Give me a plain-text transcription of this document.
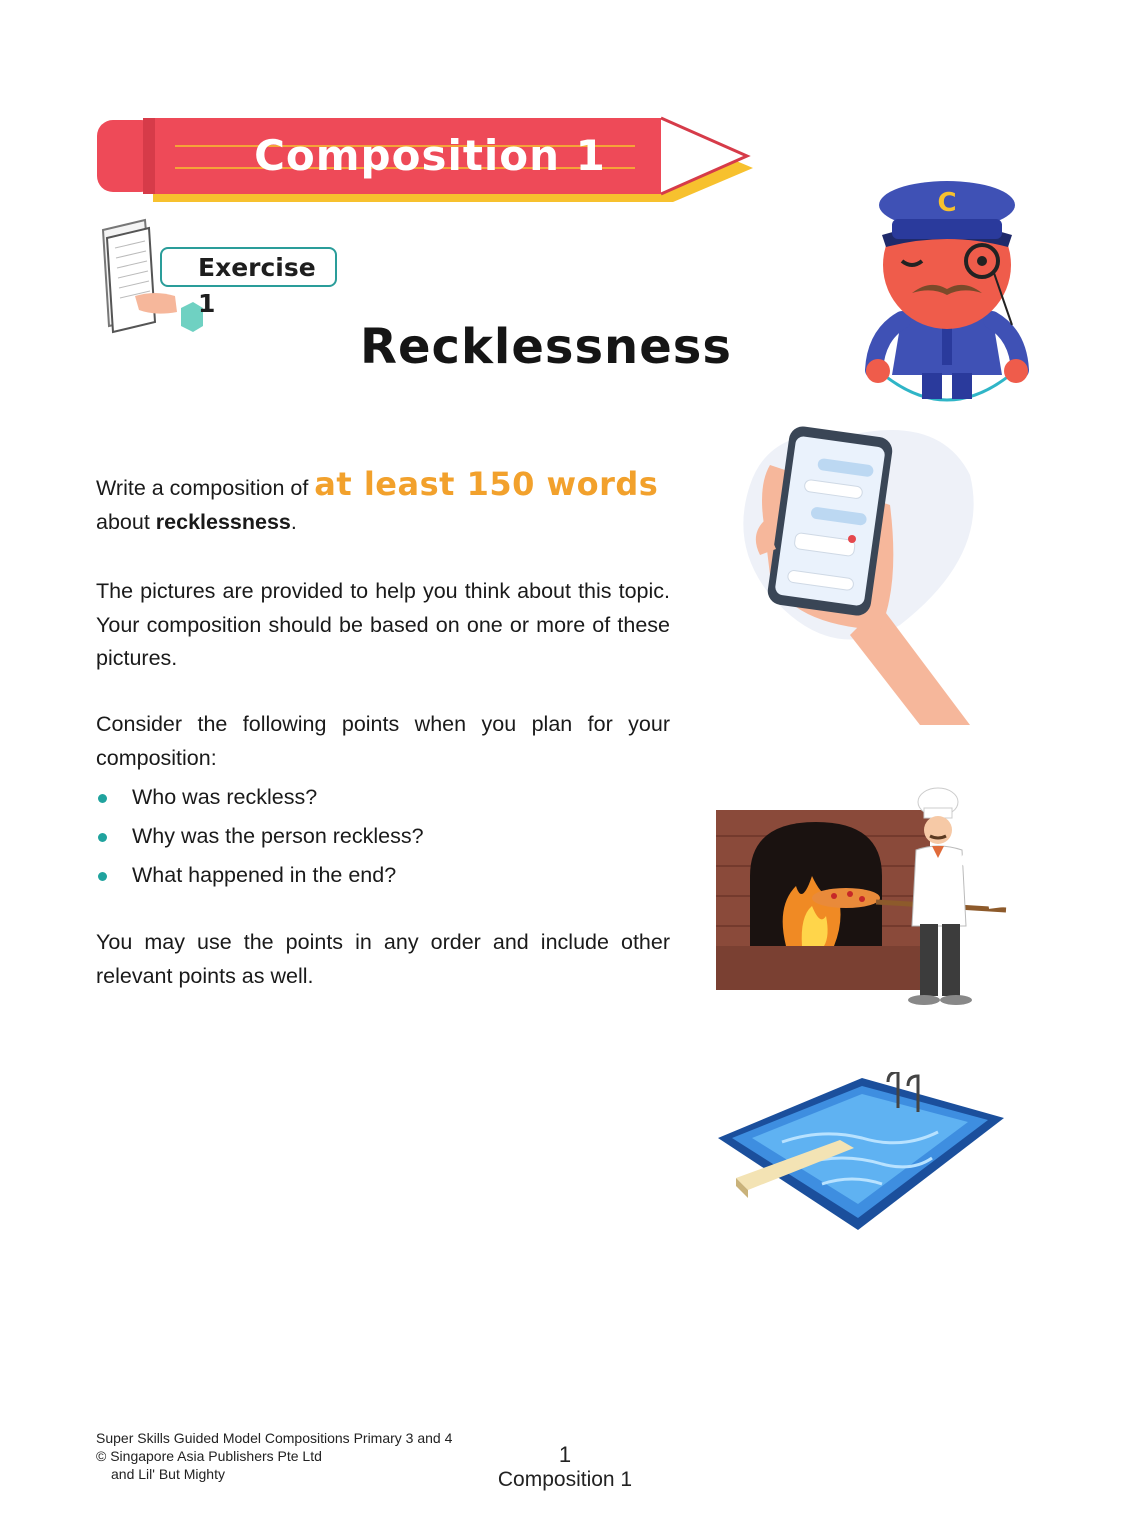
Composition 1
Exercise 1
Recklessness
C
Write a composition of at least 150 words
about recklessness.
The pictures are provided to help you think about this topic. Your composition should be based on one or more of these pictures.
Consider the following points when you plan for your composition:
Who was reckless?
Why was the person reckless?
What happened in the end?
You may use the points in any order and include other relevant points as well.
Super Skills Guided Model Compositions Primary 3 and 4
© Singapore Asia Publishers Pte Ltd
and Lil' But Mighty
1
Composition 1
